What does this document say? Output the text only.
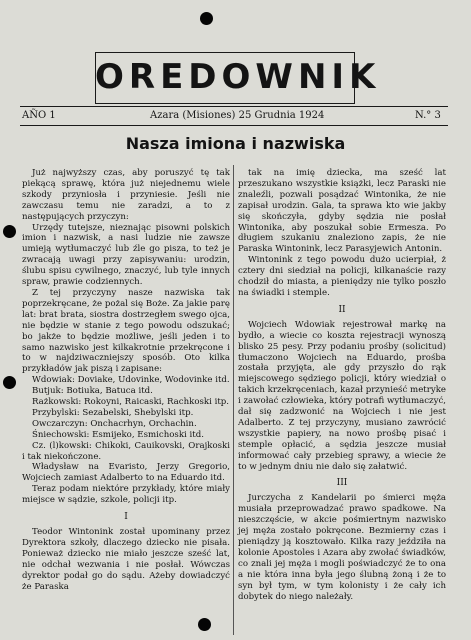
OREDOWNIK
AÑO 1	Azara (Misiones) 25 Grudnia 1924	N.° 3
Nasza imiona i nazwiska

Już najwyższy czas, aby poruszyć tę tak piekącą sprawę, która już niejednemu wiele szkody przyniosła i przyniesie. Jeśli nie zawczasu temu nie zaradzi, a to z następujących przyczyn:

Urzędy tutejsze, nieznając pisowni polskich imion i nazwisk, a nasi ludzie nie zawsze umieją wytłumaczyć lub źle go pisza, to też je zwracają uwagi przy zapisywaniu: urodzin, ślubu spisu cywilnego, znaczyć, lub tyle innych spraw, prawie codziennych.

Z tej przyczyny nasze nazwiska tak poprzekręcane, że pożal się Boże. Za jakie parę lat: brat brata, siostra dostrzegłem swego ojca, nie będzie w stanie z tego powodu odszukać; bo jakże to będzie możliwe, jeśli jeden i to samo nazwisko jest kilkakrotnie przekręcone i to w najdziwaczniejszy sposób. Oto kilka przykładów jak piszą i zapisane:

Wdowiak: Doviake, Udovinke, Wodovinke itd.

Butjuk: Botiuka, Batuca itd.

Rażkowski: Rokoyni, Raicaski, Rachkoski itp.

Przybylski: Sezabelski, Shebylski itp.

Owczarczyn: Onchacrhyn, Orchachin.

Śniechowski: Esmijeko, Esmichoski itd.

Cz. (l)kowski: Chikoki, Cauikovski, Orajkoski i tak niekończone.

Władysław na Evaristo, Jerzy Gregorio, Wojciech zamiast Adalberto to na Eduardo itd.

Teraz podam niektóre przykłady, które miały miejsce w sądzie, szkole, policji itp.

I

Teodor Wintonink został upominany przez Dyrektora szkoły, dlaczego dziecko nie pisała. Ponieważ dziecko nie miało jeszcze sześć lat, nie odchał wezwania i nie posłał. Wówczas dyrektor podał go do sądu. Ażeby dowiadczyć że Paraska

tak na imię dziecka, ma sześć lat przeszukano wszystkie książki, lecz Paraski nie znaleźli, pozwali posądzać Wintonika, że nie zapisał urodzin. Gala, ta sprawa kto wie jakby się skończyła, gdyby sędzia nie posłał Wintonika, aby poszukał sobie Ermesza. Po długiem szukaniu znaleziono zapis, że nie Paraska Wintonink, lecz Parasyjewich Antonin.

Wintonink z tego powodu dużo ucierpiał, ż cztery dni siedział na policji, kilkanaście razy chodził do miasta, a pieniędzy nie tylko poszło na świadki i stemple.

II

Wojciech Wdowiak rejestrował markę na bydło, a wiecie co koszta rejestracji wynoszą blisko 25 pesy. Przy podaniu prośby (solicitud) tłumaczono Wojciech na Eduardo, prośba została przyjęta, ale gdy przyszło do rąk miejscowego sędziego policji, który wiedział o takich krzekręceniach, kazał przynieść metryke i zawołać człowieka, który potrafi wytłumaczyć, dał się zadzwonić na Wojciech i nie jest Adalberto. Z tej przyczyny, musiano zawrócić wszystkie papiery, na nowo prośbę pisać i stemple opłacić, a sędzia jeszcze musiał informować cały przebieg sprawy, a wiecie że to w jednym dniu nie dało się załatwić.

III

Jurczycha z Kandelarii po śmierci męża musiała przeprowadzać prawo spadkowe. Na nieszczęście, w akcie pośmiertnym nazwisko jej męża zostało pokręcone. Bezmierny czas i pieniądzy ją kosztowało. Kilka razy jeździła na kolonie Apostoles i Azara aby zwołać świadków, co znali jej męża i mogli poświadczyć że to ona a nie która inna była jego ślubną żoną i że to syn był tym, w tym kolonisty i że cały ich dobytek do niego należały.
